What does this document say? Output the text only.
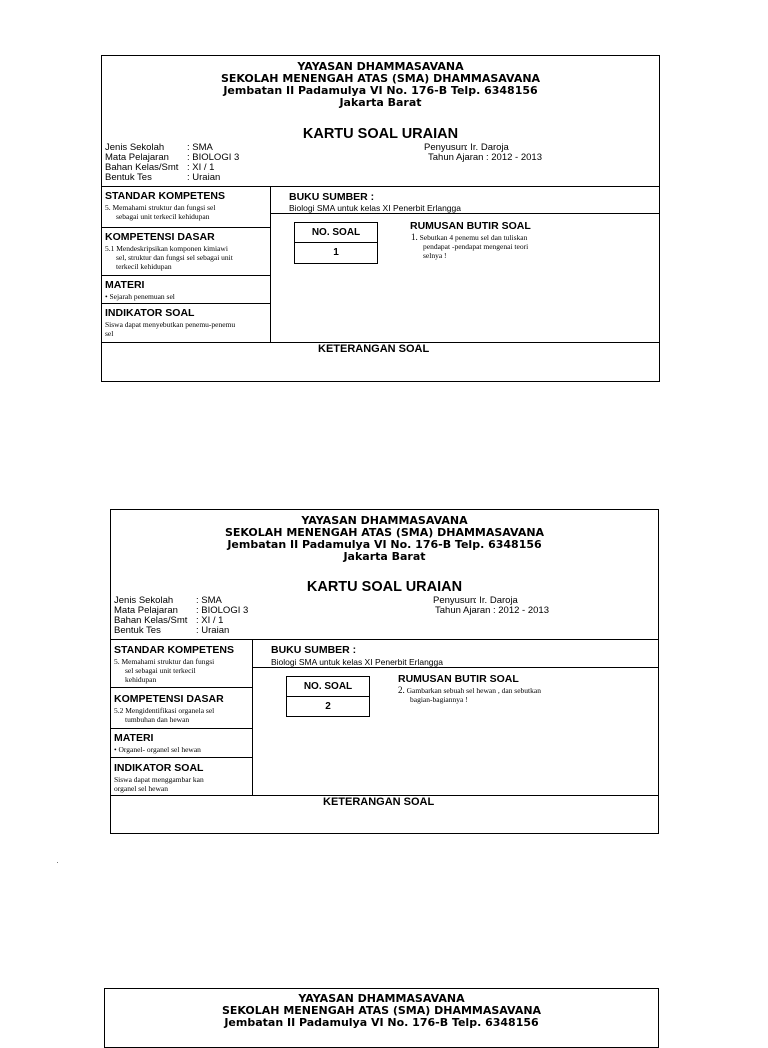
YAYASAN DHAMMASAVANA
SEKOLAH MENENGAH ATAS (SMA) DHAMMASAVANA
Jembatan II Padamulya VI No. 176-B Telp. 6348156
Jakarta Barat
KARTU SOAL URAIAN
Jenis Sekolah : SMA
Mata Pelajaran : BIOLOGI 3
Bahan Kelas/Smt : XI / 1
Bentuk Tes	: Uraian
Penyusun: Ir. Daroja
Tahun Ajaran : 2012 - 2013
STANDAR KOMPETENS
5. Memahami struktur dan fungsi sel
sebagai unit terkecil kehidupan
KOMPETENSI DASAR
5.1 Mendeskripsikan komponen kimiawi
sel, struktur dan fungsi sel sebagai unit
terkecil kehidupan
MATERI
• Sejarah penemuan sel
INDIKATOR SOAL
Siswa dapat menyebutkan penemu-penemu
sel
BUKU SUMBER :
Biologi SMA untuk kelas XI Penerbit Erlangga
NO. SOAL
1
RUMUSAN BUTIR SOAL
1. Sebutkan 4 penemu sel dan tuliskan
pendapat -pendapat mengenai teori
selnya !
KETERANGAN SOAL
YAYASAN DHAMMASAVANA
SEKOLAH MENENGAH ATAS (SMA) DHAMMASAVANA
Jembatan II Padamulya VI No. 176-B Telp. 6348156
Jakarta Barat
KARTU SOAL URAIAN
Jenis Sekolah : SMA
Mata Pelajaran : BIOLOGI 3
Bahan Kelas/Smt : XI / 1
Bentuk Tes	: Uraian
Penyusun: Ir. Daroja
Tahun Ajaran : 2012 - 2013
STANDAR KOMPETENS
5. Memahami struktur dan fungsi
sel sebagai unit terkecil
kehidupan
KOMPETENSI DASAR
5.2 Mengidentifikasi organela sel
tumbuhan dan hewan
MATERI
• Organel- organel sel hewan
INDIKATOR SOAL
Siswa dapat menggambar kan
organel sel hewan
BUKU SUMBER :
Biologi SMA untuk kelas XI Penerbit Erlangga
NO. SOAL
2
RUMUSAN BUTIR SOAL
2. Gambarkan sebuah sel hewan , dan sebutkan
bagian-bagiannya !
KETERANGAN SOAL
YAYASAN DHAMMASAVANA
SEKOLAH MENENGAH ATAS (SMA) DHAMMASAVANA
Jembatan II Padamulya VI No. 176-B Telp. 6348156
